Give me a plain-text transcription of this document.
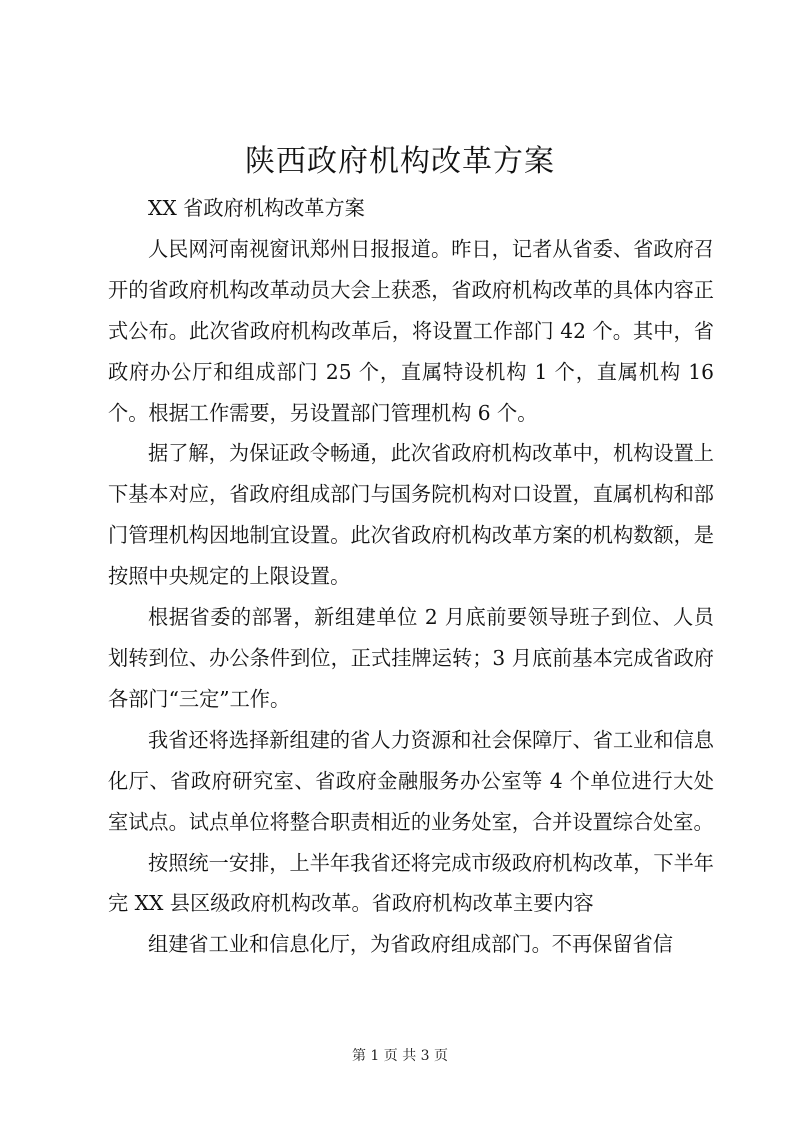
陕西政府机构改革方案

XX 省政府机构改革方案

人民网河南视窗讯郑州日报报道。昨日，记者从省委、省政府召开的省政府机构改革动员大会上获悉，省政府机构改革的具体内容正式公布。此次省政府机构改革后，将设置工作部门 42 个。其中，省政府办公厅和组成部门 25 个，直属特设机构 1 个，直属机构 16 个。根据工作需要，另设置部门管理机构 6 个。

据了解，为保证政令畅通，此次省政府机构改革中，机构设置上下基本对应，省政府组成部门与国务院机构对口设置，直属机构和部门管理机构因地制宜设置。此次省政府机构改革方案的机构数额，是按照中央规定的上限设置。

根据省委的部署，新组建单位 2 月底前要领导班子到位、人员划转到位、办公条件到位，正式挂牌运转；3 月底前基本完成省政府各部门“三定”工作。

我省还将选择新组建的省人力资源和社会保障厅、省工业和信息化厅、省政府研究室、省政府金融服务办公室等 4 个单位进行大处室试点。试点单位将整合职责相近的业务处室，合并设置综合处室。

按照统一安排，上半年我省还将完成市级政府机构改革，下半年完 XX 县区级政府机构改革。省政府机构改革主要内容

组建省工业和信息化厅，为省政府组成部门。不再保留省信

第 1 页 共 3 页
